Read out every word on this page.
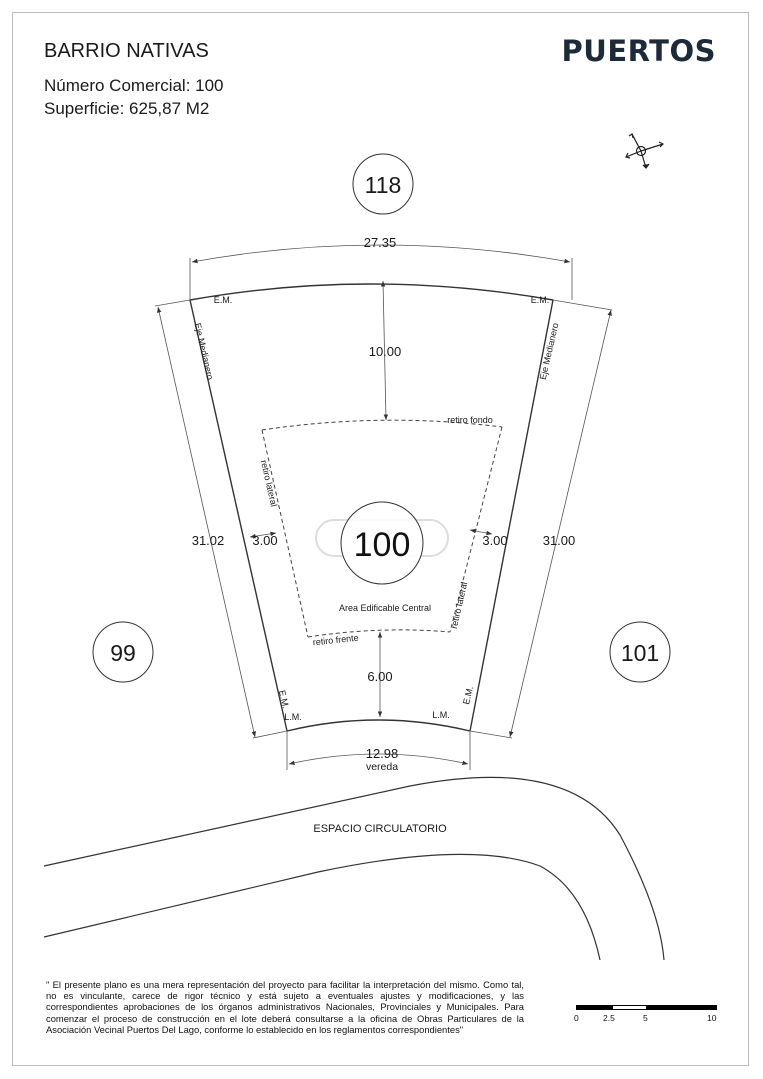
BARRIO NATIVAS
Número Comercial: 100
Superficie: 625,87 M2
PUERTOS
118
99	101
100
27.35
10.00
31.02 3.00	3.00	31.00
6.00
12.98
E.M.	E.M.
L.M.	L.M.
E.M.	E.M.
Eje Medianero	Eje Medianero
retiro fondo
retiro lateral
retiro lateral
retiro frente
Area Edificable Central
vereda
ESPACIO CIRCULATORIO
" El presente plano es una mera representación del proyecto para facilitar la interpretación del mismo. Como tal, no es vinculante, carece de rigor técnico y está sujeto a eventuales ajustes y modificaciones, y las correspondientes aprobaciones de los órganos administrativos Nacionales, Provinciales y Municipales. Para comenzar el proceso de construcción en el lote deberá consultarse a la oficina de Obras Particulares de la Asociación Vecinal Puertos Del Lago, conforme lo establecido en los reglamentos correspondientes"
0	2.5	5	10
